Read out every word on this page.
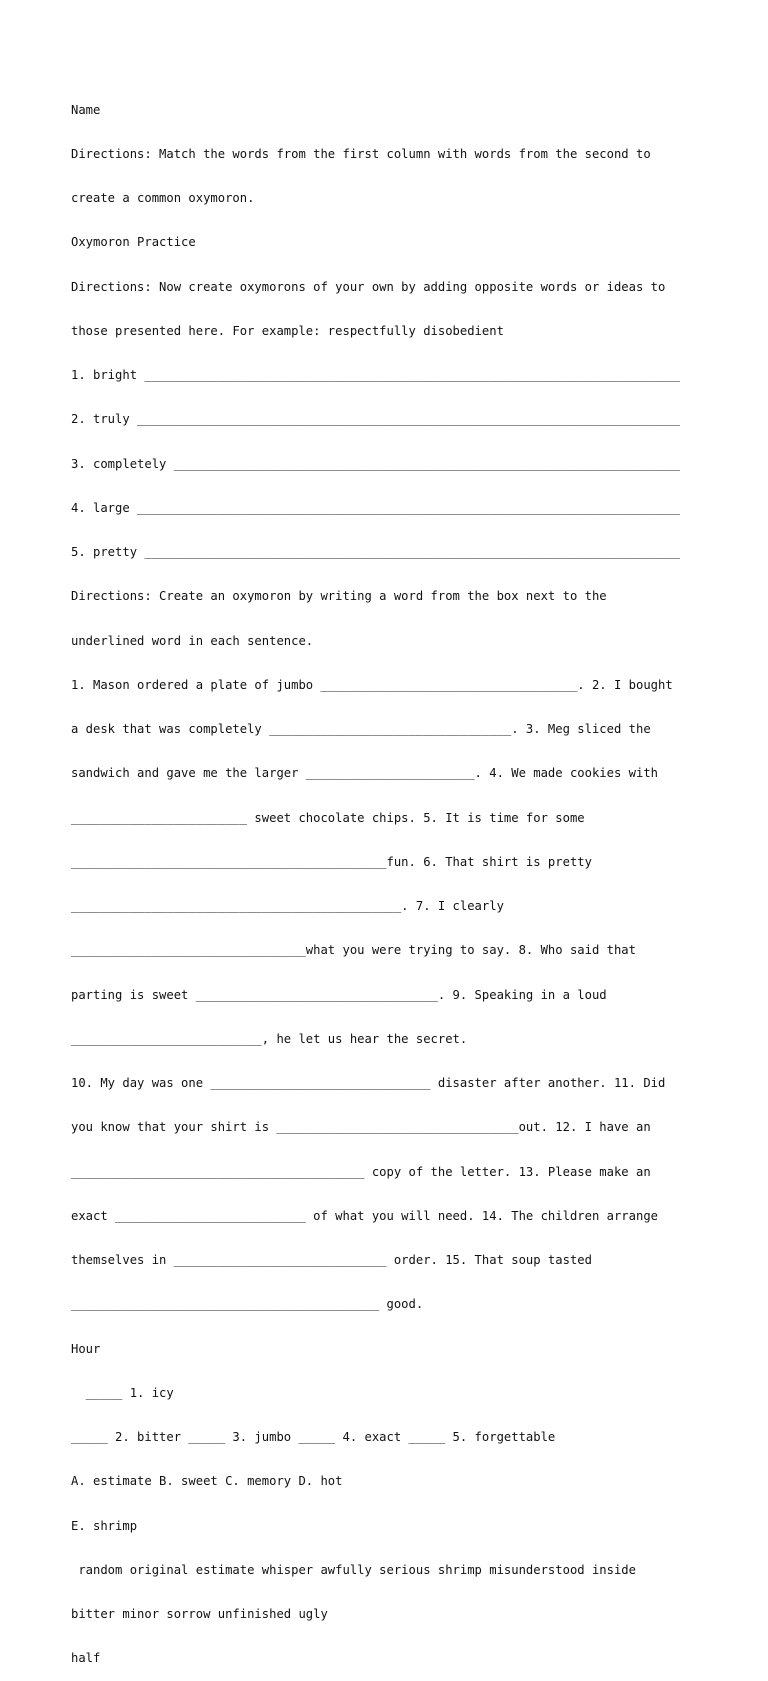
Name

Directions: Match the words from the first column with words from the second to

create a common oxymoron.

Oxymoron Practice

Directions: Now create oxymorons of your own by adding opposite words or ideas to

those presented here. For example: respectfully disobedient

1. bright _________________________________________________________________________

2. truly __________________________________________________________________________

3. completely _____________________________________________________________________

4. large __________________________________________________________________________

5. pretty _________________________________________________________________________

Directions: Create an oxymoron by writing a word from the box next to the

underlined word in each sentence.

1. Mason ordered a plate of jumbo ___________________________________. 2. I bought

a desk that was completely _________________________________. 3. Meg sliced the

sandwich and gave me the larger _______________________. 4. We made cookies with

________________________ sweet chocolate chips. 5. It is time for some

___________________________________________fun. 6. That shirt is pretty

_____________________________________________. 7. I clearly

________________________________what you were trying to say. 8. Who said that

parting is sweet _________________________________. 9. Speaking in a loud

__________________________, he let us hear the secret.

10. My day was one ______________________________ disaster after another. 11. Did

you know that your shirt is _________________________________out. 12. I have an

________________________________________ copy of the letter. 13. Please make an

exact __________________________ of what you will need. 14. The children arrange

themselves in _____________________________ order. 15. That soup tasted

__________________________________________ good.

Hour

_____ 1. icy

_____ 2. bitter _____ 3. jumbo _____ 4. exact _____ 5. forgettable

A. estimate B. sweet C. memory D. hot

E. shrimp

random original estimate whisper awfully serious shrimp misunderstood inside

bitter minor sorrow unfinished ugly

half
